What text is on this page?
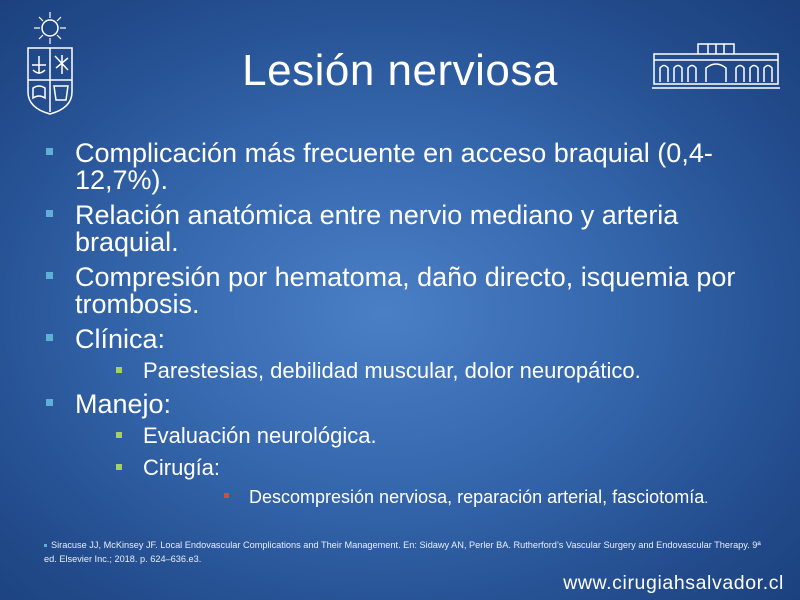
Lesión nerviosa
Complicación más frecuente en acceso braquial (0,4-12,7%).
Relación anatómica entre nervio mediano y arteria braquial.
Compresión por hematoma, daño directo, isquemia por trombosis.
Clínica:
Parestesias, debilidad muscular, dolor neuropático.
Manejo:
Evaluación neurológica.
Cirugía:
Descompresión nerviosa, reparación arterial, fasciotomía.
Siracuse JJ, McKinsey JF. Local Endovascular Complications and Their Management. En: Sidawy AN, Perler BA. Rutherford’s Vascular Surgery and Endovascular Therapy. 9ª ed. Elsevier Inc.; 2018. p. 624–636.e3.
www.cirugiahsalvador.cl
